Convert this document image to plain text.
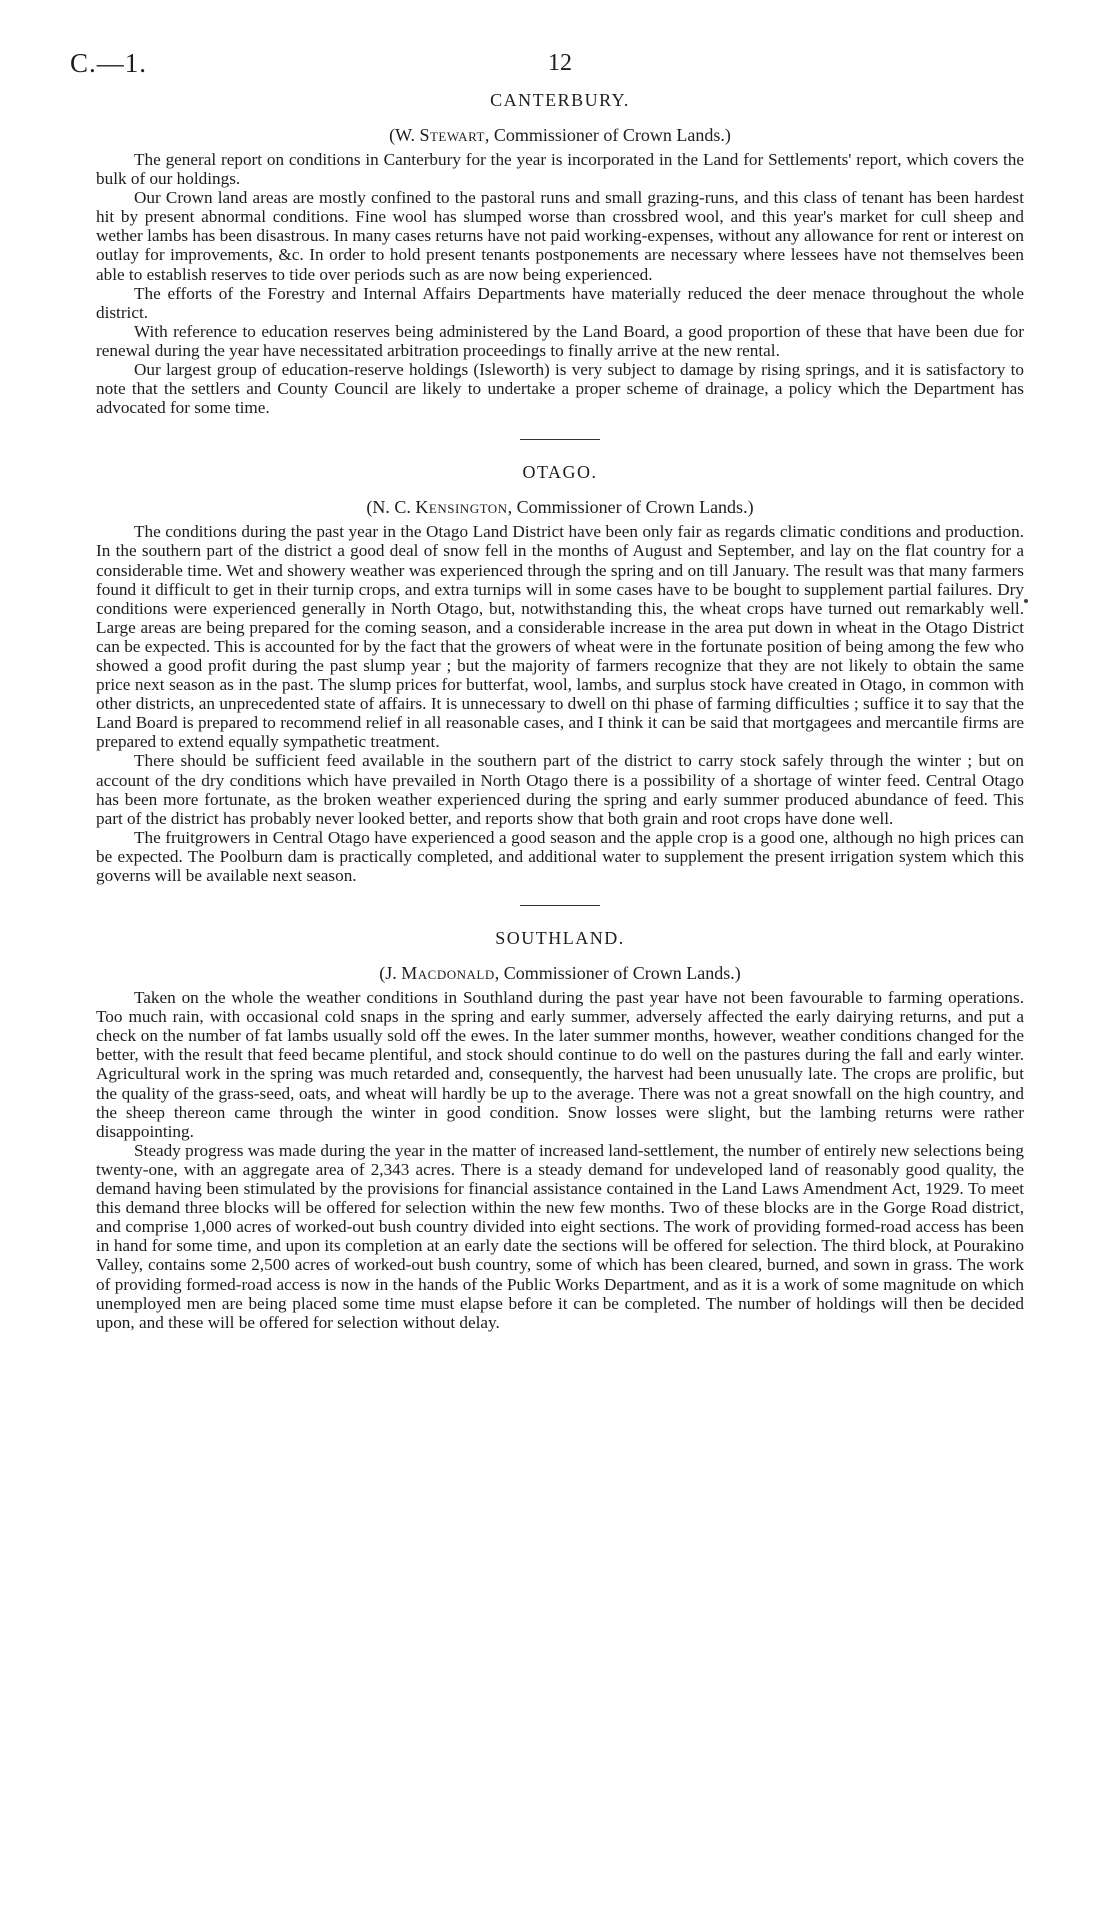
C.—1.	12
CANTERBURY.

(W. Stewart, Commissioner of Crown Lands.)

The general report on conditions in Canterbury for the year is incorporated in the Land for Settlements' report, which covers the bulk of our holdings.

Our Crown land areas are mostly confined to the pastoral runs and small grazing-runs, and this class of tenant has been hardest hit by present abnormal conditions. Fine wool has slumped worse than crossbred wool, and this year's market for cull sheep and wether lambs has been disastrous. In many cases returns have not paid working-expenses, without any allowance for rent or interest on outlay for improvements, &c. In order to hold present tenants postponements are necessary where lessees have not themselves been able to establish reserves to tide over periods such as are now being experienced.

The efforts of the Forestry and Internal Affairs Departments have materially reduced the deer menace throughout the whole district.

With reference to education reserves being administered by the Land Board, a good proportion of these that have been due for renewal during the year have necessitated arbitration proceedings to finally arrive at the new rental.

Our largest group of education-reserve holdings (Isleworth) is very subject to damage by rising springs, and it is satisfactory to note that the settlers and County Council are likely to undertake a proper scheme of drainage, a policy which the Department has advocated for some time.

OTAGO.

(N. C. Kensington, Commissioner of Crown Lands.)

The conditions during the past year in the Otago Land District have been only fair as regards climatic conditions and production. In the southern part of the district a good deal of snow fell in the months of August and September, and lay on the flat country for a considerable time. Wet and showery weather was experienced through the spring and on till January. The result was that many farmers found it difficult to get in their turnip crops, and extra turnips will in some cases have to be bought to supplement partial failures. Dry conditions were experienced generally in North Otago, but, notwithstanding this, the wheat crops have turned out remarkably well. Large areas are being prepared for the coming season, and a considerable increase in the area put down in wheat in the Otago District can be expected. This is accounted for by the fact that the growers of wheat were in the fortunate position of being among the few who showed a good profit during the past slump year ; but the majority of farmers recognize that they are not likely to obtain the same price next season as in the past. The slump prices for butterfat, wool, lambs, and surplus stock have created in Otago, in common with other districts, an unprecedented state of affairs. It is unnecessary to dwell on thi phase of farming difficulties ; suffice it to say that the Land Board is prepared to recommend relief in all reasonable cases, and I think it can be said that mortgagees and mercantile firms are prepared to extend equally sympathetic treatment.

There should be sufficient feed available in the southern part of the district to carry stock safely through the winter ; but on account of the dry conditions which have prevailed in North Otago there is a possibility of a shortage of winter feed. Central Otago has been more fortunate, as the broken weather experienced during the spring and early summer produced abundance of feed. This part of the district has probably never looked better, and reports show that both grain and root crops have done well.

The fruitgrowers in Central Otago have experienced a good season and the apple crop is a good one, although no high prices can be expected. The Poolburn dam is practically completed, and additional water to supplement the present irrigation system which this governs will be available next season.

SOUTHLAND.

(J. Macdonald, Commissioner of Crown Lands.)

Taken on the whole the weather conditions in Southland during the past year have not been favourable to farming operations. Too much rain, with occasional cold snaps in the spring and early summer, adversely affected the early dairying returns, and put a check on the number of fat lambs usually sold off the ewes. In the later summer months, however, weather conditions changed for the better, with the result that feed became plentiful, and stock should continue to do well on the pastures during the fall and early winter. Agricultural work in the spring was much retarded and, consequently, the harvest had been unusually late. The crops are prolific, but the quality of the grass-seed, oats, and wheat will hardly be up to the average. There was not a great snowfall on the high country, and the sheep thereon came through the winter in good condition. Snow losses were slight, but the lambing returns were rather disappointing.

Steady progress was made during the year in the matter of increased land-settlement, the number of entirely new selections being twenty-one, with an aggregate area of 2,343 acres. There is a steady demand for undeveloped land of reasonably good quality, the demand having been stimulated by the provisions for financial assistance contained in the Land Laws Amendment Act, 1929. To meet this demand three blocks will be offered for selection within the new few months. Two of these blocks are in the Gorge Road district, and comprise 1,000 acres of worked-out bush country divided into eight sections. The work of providing formed-road access has been in hand for some time, and upon its completion at an early date the sections will be offered for selection. The third block, at Pourakino Valley, contains some 2,500 acres of worked-out bush country, some of which has been cleared, burned, and sown in grass. The work of providing formed-road access is now in the hands of the Public Works Department, and as it is a work of some magnitude on which unemployed men are being placed some time must elapse before it can be completed. The number of holdings will then be decided upon, and these will be offered for selection without delay.
